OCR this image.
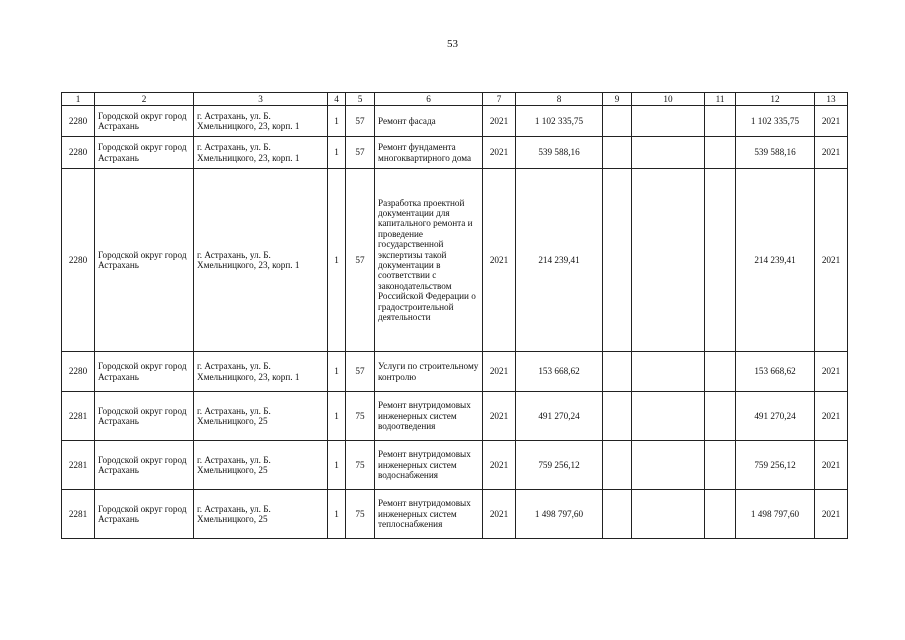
53
1	2	3	4	5	6	7	8	9	10	11	12	13
2280	Городской округ город Астрахань	г. Астрахань, ул. Б. Хмельницкого, 23, корп. 1	1	57	Ремонт фасада	2021	1 102 335,75				1 102 335,75	2021
2280	Городской округ город Астрахань	г. Астрахань, ул. Б. Хмельницкого, 23, корп. 1	1	57	Ремонт фундамента многоквартирного дома	2021	539 588,16				539 588,16	2021
2280	Городской округ город Астрахань	г. Астрахань, ул. Б. Хмельницкого, 23, корп. 1	1	57	Разработка проектной документации для капитального ремонта и проведение государственной экспертизы такой документации в соответствии с законодательством Российской Федерации о градостроительной деятельности	2021	214 239,41				214 239,41	2021
2280	Городской округ город Астрахань	г. Астрахань, ул. Б. Хмельницкого, 23, корп. 1	1	57	Услуги по строительному контролю	2021	153 668,62				153 668,62	2021
2281	Городской округ город Астрахань	г. Астрахань, ул. Б. Хмельницкого, 25	1	75	Ремонт внутридомовых инженерных систем водоотведения	2021	491 270,24				491 270,24	2021
2281	Городской округ город Астрахань	г. Астрахань, ул. Б. Хмельницкого, 25	1	75	Ремонт внутридомовых инженерных систем водоснабжения	2021	759 256,12				759 256,12	2021
2281	Городской округ город Астрахань	г. Астрахань, ул. Б. Хмельницкого, 25	1	75	Ремонт внутридомовых инженерных систем теплоснабжения	2021	1 498 797,60				1 498 797,60	2021
